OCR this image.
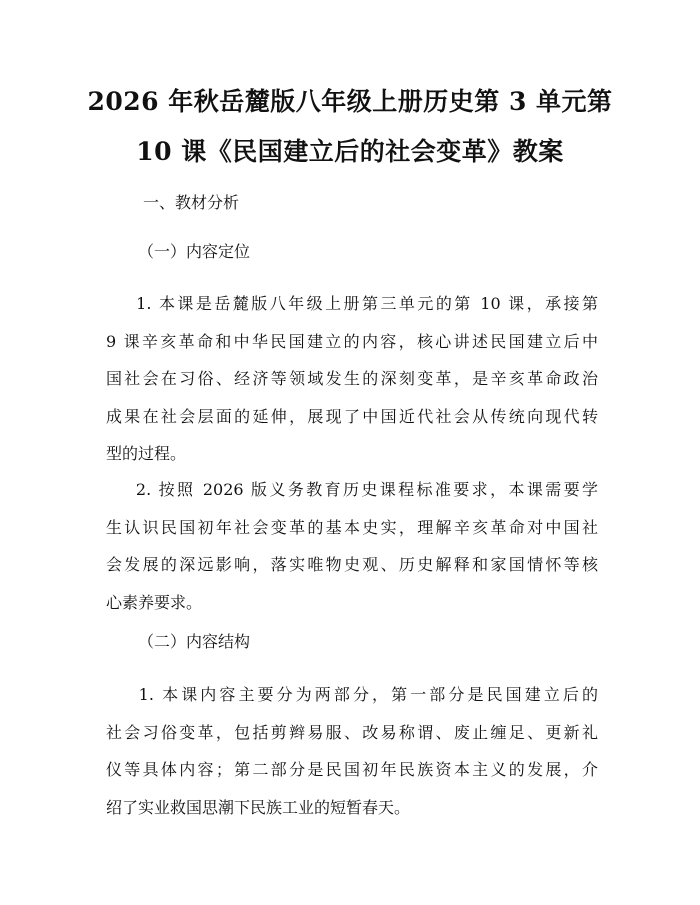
2026 年秋岳麓版八年级上册历史第 3 单元第
10 课《民国建立后的社会变革》教案
一、教材分析
（一）内容定位
1. 本课是岳麓版八年级上册第三单元的第 10 课，承接第
9 课辛亥革命和中华民国建立的内容，核心讲述民国建立后中
国社会在习俗、经济等领域发生的深刻变革，是辛亥革命政治
成果在社会层面的延伸，展现了中国近代社会从传统向现代转
型的过程。
2. 按照 2026 版义务教育历史课程标准要求，本课需要学
生认识民国初年社会变革的基本史实，理解辛亥革命对中国社
会发展的深远影响，落实唯物史观、历史解释和家国情怀等核
心素养要求。
（二）内容结构
1. 本课内容主要分为两部分，第一部分是民国建立后的
社会习俗变革，包括剪辫易服、改易称谓、废止缠足、更新礼
仪等具体内容；第二部分是民国初年民族资本主义的发展，介
绍了实业救国思潮下民族工业的短暂春天。
